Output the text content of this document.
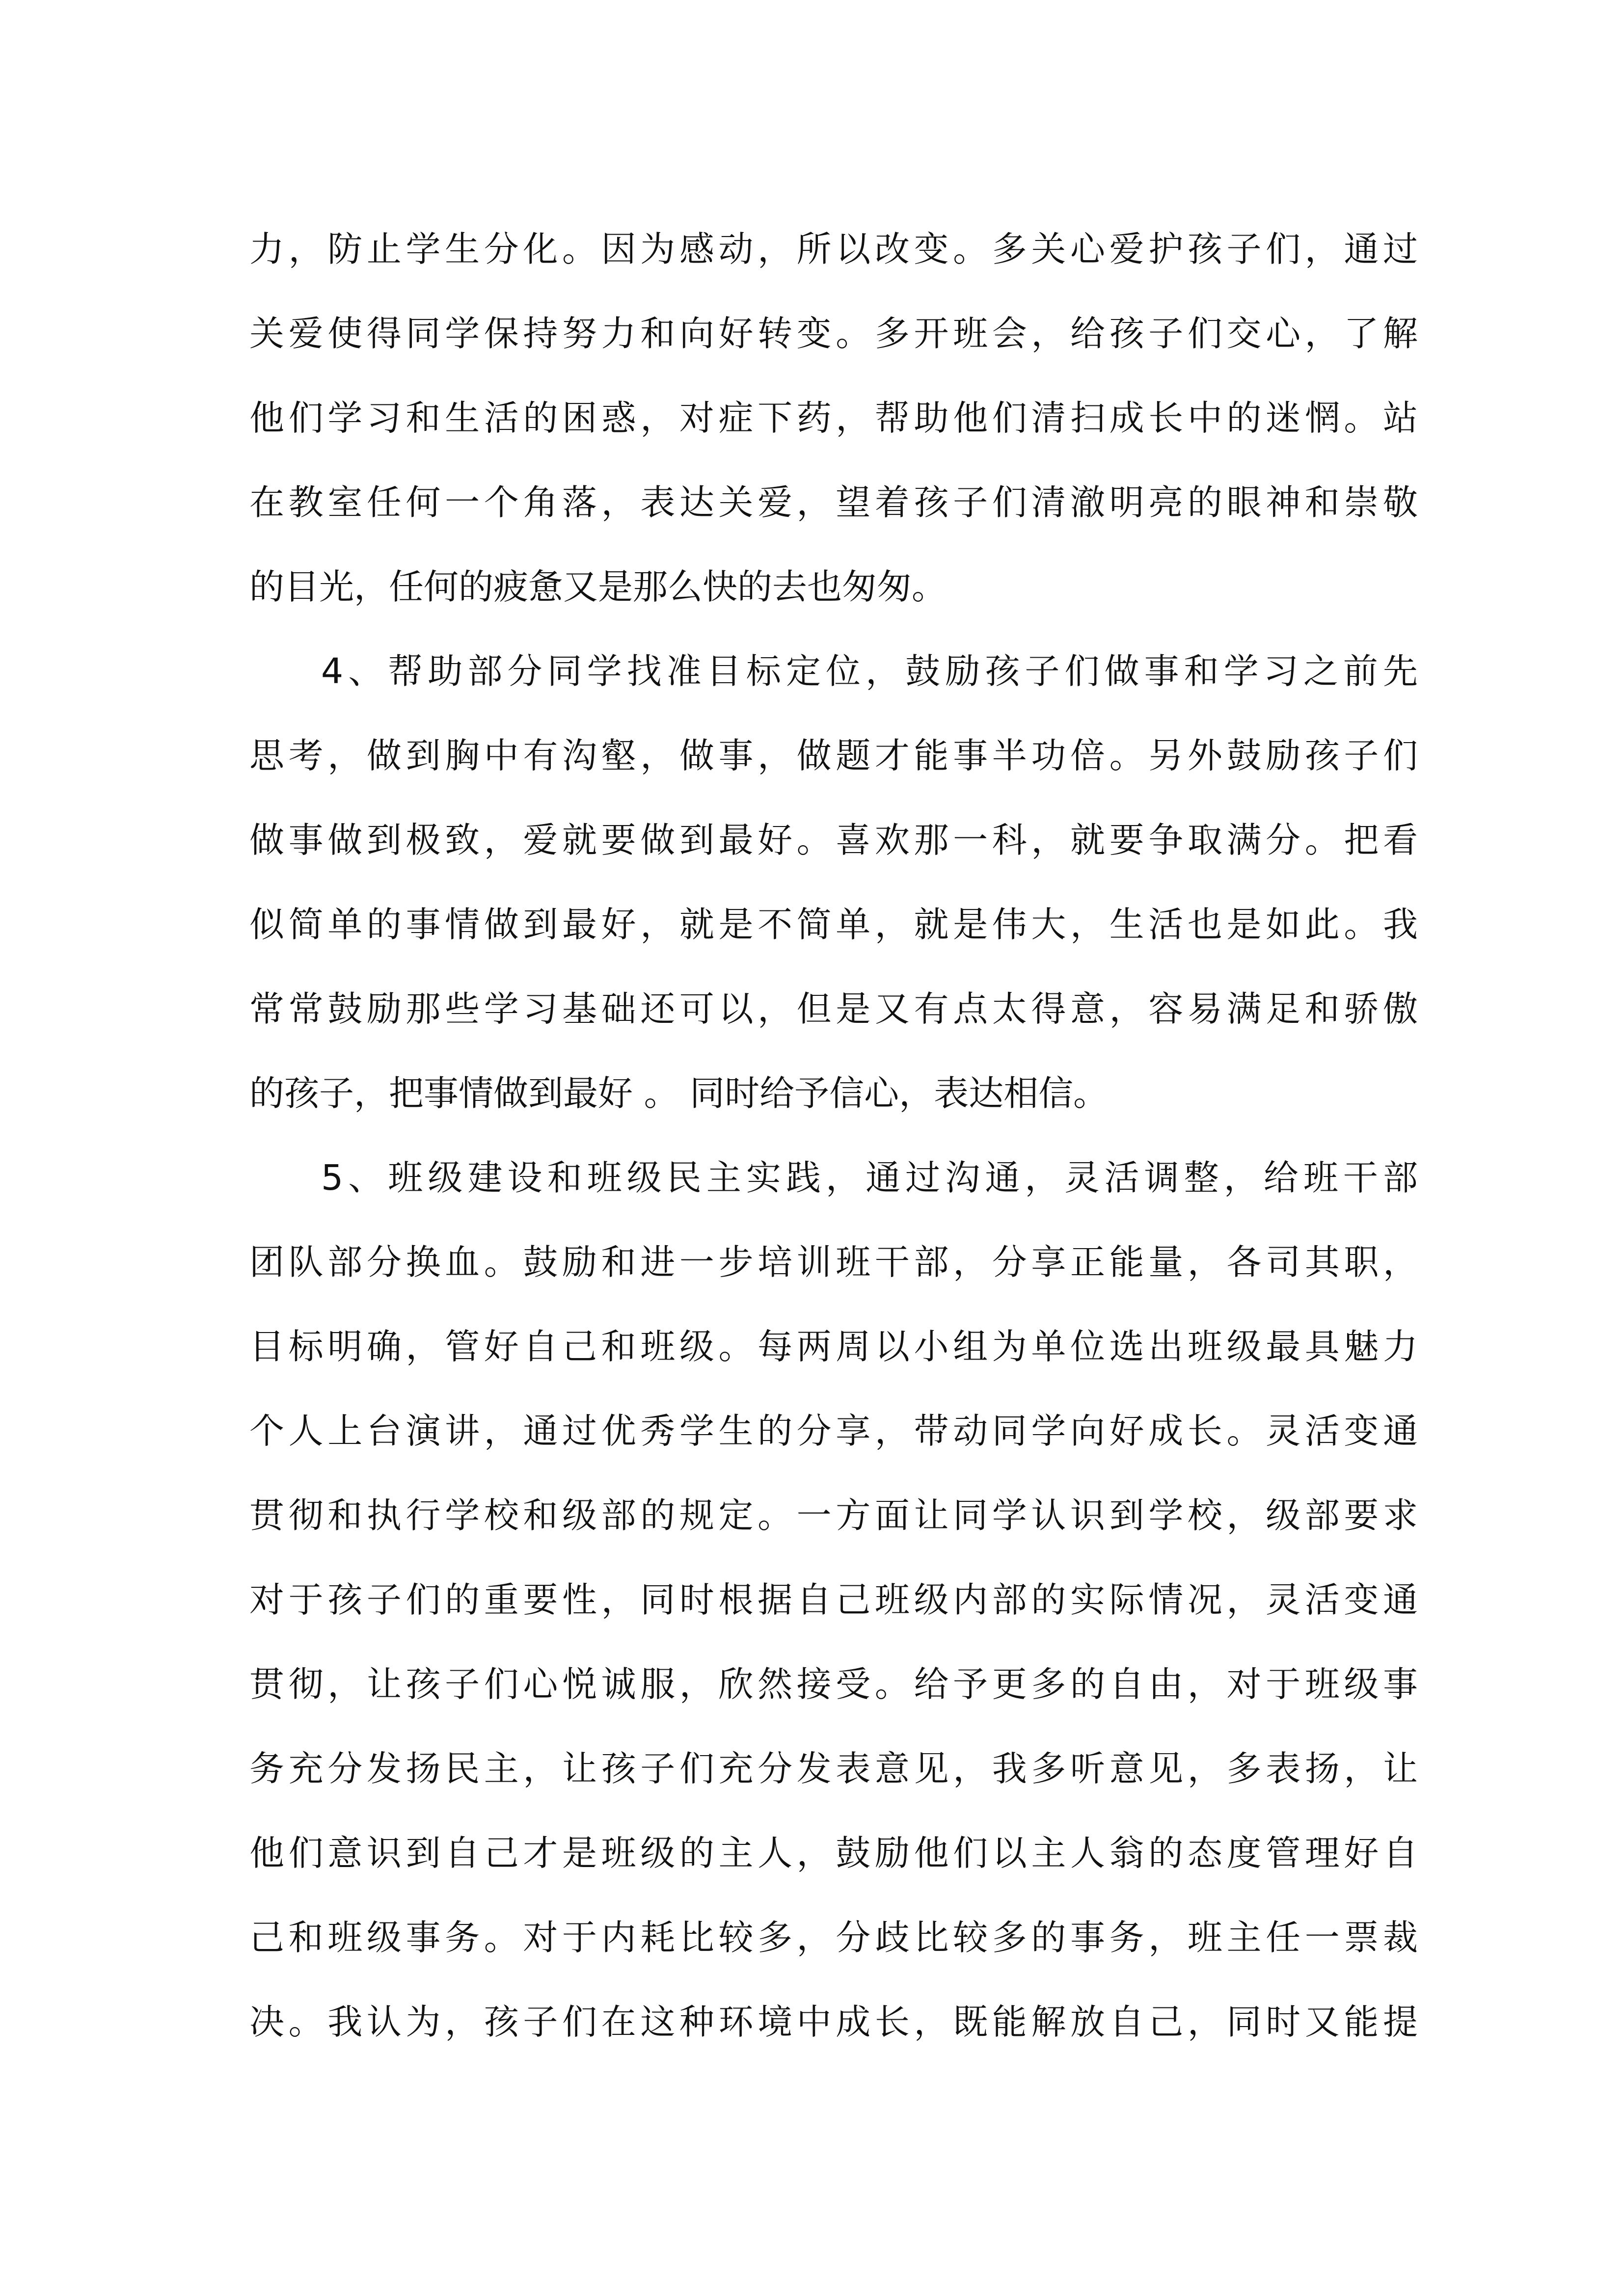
力，防止学生分化。因为感动，所以改变。多关心爱护孩子们，通过
关爱使得同学保持努力和向好转变。多开班会，给孩子们交心，了解
他们学习和生活的困惑，对症下药，帮助他们清扫成长中的迷惘。站
在教室任何一个角落，表达关爱，望着孩子们清澈明亮的眼神和崇敬
的目光，任何的疲惫又是那么快的去也匆匆。
4、帮助部分同学找准目标定位，鼓励孩子们做事和学习之前先
思考，做到胸中有沟壑，做事，做题才能事半功倍。另外鼓励孩子们
做事做到极致，爱就要做到最好。喜欢那一科，就要争取满分。把看
似简单的事情做到最好，就是不简单，就是伟大，生活也是如此。我
常常鼓励那些学习基础还可以，但是又有点太得意，容易满足和骄傲
的孩子，把事情做到最好 。 同时给予信心，表达相信。
5、班级建设和班级民主实践，通过沟通，灵活调整，给班干部
团队部分换血。鼓励和进一步培训班干部，分享正能量，各司其职，
目标明确，管好自己和班级。每两周以小组为单位选出班级最具魅力
个人上台演讲，通过优秀学生的分享，带动同学向好成长。灵活变通
贯彻和执行学校和级部的规定。一方面让同学认识到学校，级部要求
对于孩子们的重要性，同时根据自己班级内部的实际情况，灵活变通
贯彻，让孩子们心悦诚服，欣然接受。给予更多的自由，对于班级事
务充分发扬民主，让孩子们充分发表意见，我多听意见，多表扬，让
他们意识到自己才是班级的主人，鼓励他们以主人翁的态度管理好自
己和班级事务。对于内耗比较多，分歧比较多的事务，班主任一票裁
决。我认为，孩子们在这种环境中成长，既能解放自己，同时又能提
